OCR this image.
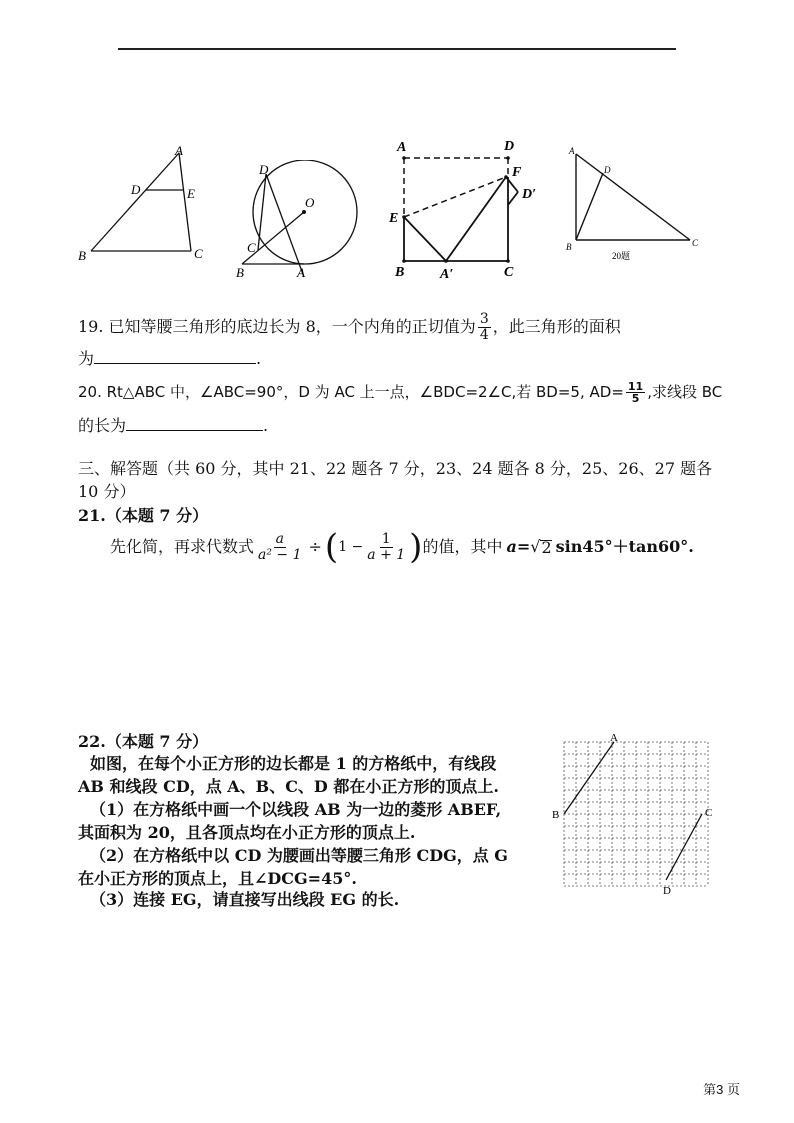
A
D	E
B	C
D
O
C
B	A
A	D
F
D′
E
B	A′	C
A
D
B	C
20题
19. 已知等腰三角形的底边长为 8，一个内角的正切值为 $\frac{3}{4}$ ，此三角形的面积
为	.
20. Rt△ABC 中，∠ABC=90°，D 为 AC 上一点，∠BDC=2∠C,若 BD=5, $AD= \frac{11}{5}$ ,求线段 BC
的长为	.
三、解答题（共 60 分，其中 21、22 题各 7 分，23、24 题各 8 分，25、26、27 题各
10 分）
21.（本题 7 分）
先化简，再求代数式 $\frac{a}{\text{a² − 1}}$ ÷ ( $1 - \frac{1}{a + 1}$ ) 的值，其中 a= √ 2 sin45°＋tan60°.
22.（本题 7 分）
如图，在每个小正方形的边长都是 1 的方格纸中，有线段
AB 和线段 CD，点 A、B、C、D 都在小正方形的顶点上.
（1）在方格纸中画一个以线段 AB 为一边的菱形 ABEF,
其面积为 20，且各顶点均在小正方形的顶点上.
（2）在方格纸中以 CD 为腰画出等腰三角形 CDG，点 G
在小正方形的顶点上，且∠DCG=45°.
（3）连接 EG，请直接写出线段 EG 的长.
A
B	C
D
第3 页
